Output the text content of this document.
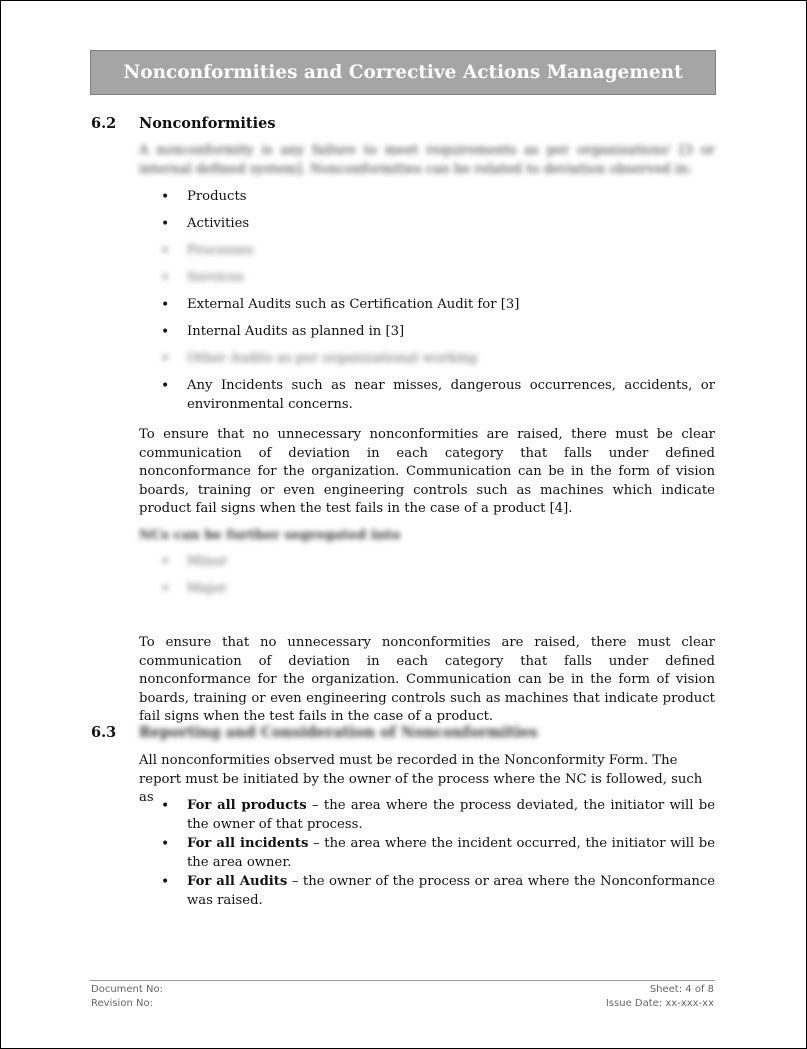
Nonconformities and Corrective Actions Management
6.2 Nonconformities
A nonconformity is any failure to meet requirements as per organizations' [3 or internal defined system]. Nonconformities can be related to deviation observed in:
• Products
• Activities
• Processes
• Services
• External Audits such as Certification Audit for [3]
• Internal Audits as planned in [3]
• Other Audits as per organizational working
• Any Incidents such as near misses, dangerous occurrences, accidents, or environmental concerns.
To ensure that no unnecessary nonconformities are raised, there must be clear communication of deviation in each category that falls under defined nonconformance for the organization. Communication can be in the form of vision boards, training or even engineering controls such as machines which indicate product fail signs when the test fails in the case of a product [4].
NCs can be further segregated into
• Minor
• Major
To ensure that no unnecessary nonconformities are raised, there must clear communication of deviation in each category that falls under defined nonconformance for the organization. Communication can be in the form of vision boards, training or even engineering controls such as machines that indicate product fail signs when the test fails in the case of a product.
6.3 Reporting and Consideration of Nonconformities
All nonconformities observed must be recorded in the Nonconformity Form. The report must be initiated by the owner of the process where the NC is followed, such as
• For all products – the area where the process deviated, the initiator will be the owner of that process.
• For all incidents – the area where the incident occurred, the initiator will be the area owner.
• For all Audits – the owner of the process or area where the Nonconformance was raised.
Document No:
Revision No:
Sheet: 4 of 8
Issue Date: xx-xxx-xx
